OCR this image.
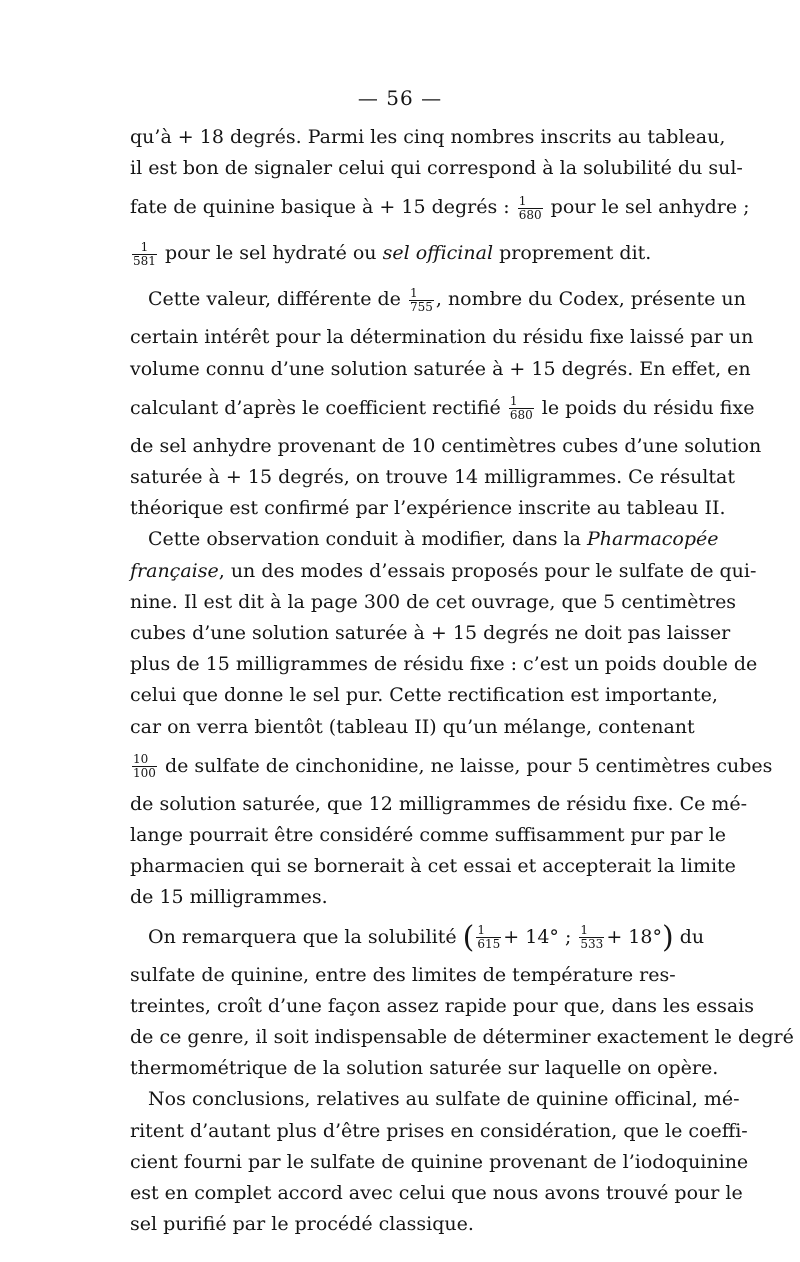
— 56 —
qu’à + 18 degrés. Parmi les cinq nombres inscrits au tableau,
il est bon de signaler celui qui correspond à la solubilité du sul-
fate de quinine basique à + 15 degrés : $\frac{1}{680}$ pour le sel anhydre ;
$\frac{1}{581}$ pour le sel hydraté ou sel officinal proprement dit.
Cette valeur, différente de $\frac{1}{755}$ , nombre du Codex, présente un
certain intérêt pour la détermination du résidu fixe laissé par un
volume connu d’une solution saturée à + 15 degrés. En effet, en
calculant d’après le coefficient rectifié $\frac{1}{680}$ le poids du résidu fixe
de sel anhydre provenant de 10 centimètres cubes d’une solution
saturée à + 15 degrés, on trouve 14 milligrammes. Ce résultat
théorique est confirmé par l’expérience inscrite au tableau II.
Cette observation conduit à modifier, dans la Pharmacopée
française, un des modes d’essais proposés pour le sulfate de qui-
nine. Il est dit à la page 300 de cet ouvrage, que 5 centimètres
cubes d’une solution saturée à + 15 degrés ne doit pas laisser
plus de 15 milligrammes de résidu fixe : c’est un poids double de
celui que donne le sel pur. Cette rectification est importante,
car on verra bientôt (tableau II) qu’un mélange, contenant
$\frac{10}{100}$ de sulfate de cinchonidine, ne laisse, pour 5 centimètres cubes
de solution saturée, que 12 milligrammes de résidu fixe. Ce mé-
lange pourrait être considéré comme suffisamment pur par le
pharmacien qui se bornerait à cet essai et accepterait la limite
de 15 milligrammes.
On remarquera que la solubilité ( $\frac{1}{615} + 14^\circ$ ; $\frac{1}{533} + 18^\circ$) du
sulfate de quinine, entre des limites de température res-
treintes, croît d’une façon assez rapide pour que, dans les essais
de ce genre, il soit indispensable de déterminer exactement le degré
thermométrique de la solution saturée sur laquelle on opère.
Nos conclusions, relatives au sulfate de quinine officinal, mé-
ritent d’autant plus d’être prises en considération, que le coeffi-
cient fourni par le sulfate de quinine provenant de l’iodoquinine
est en complet accord avec celui que nous avons trouvé pour le
sel purifié par le procédé classique.
